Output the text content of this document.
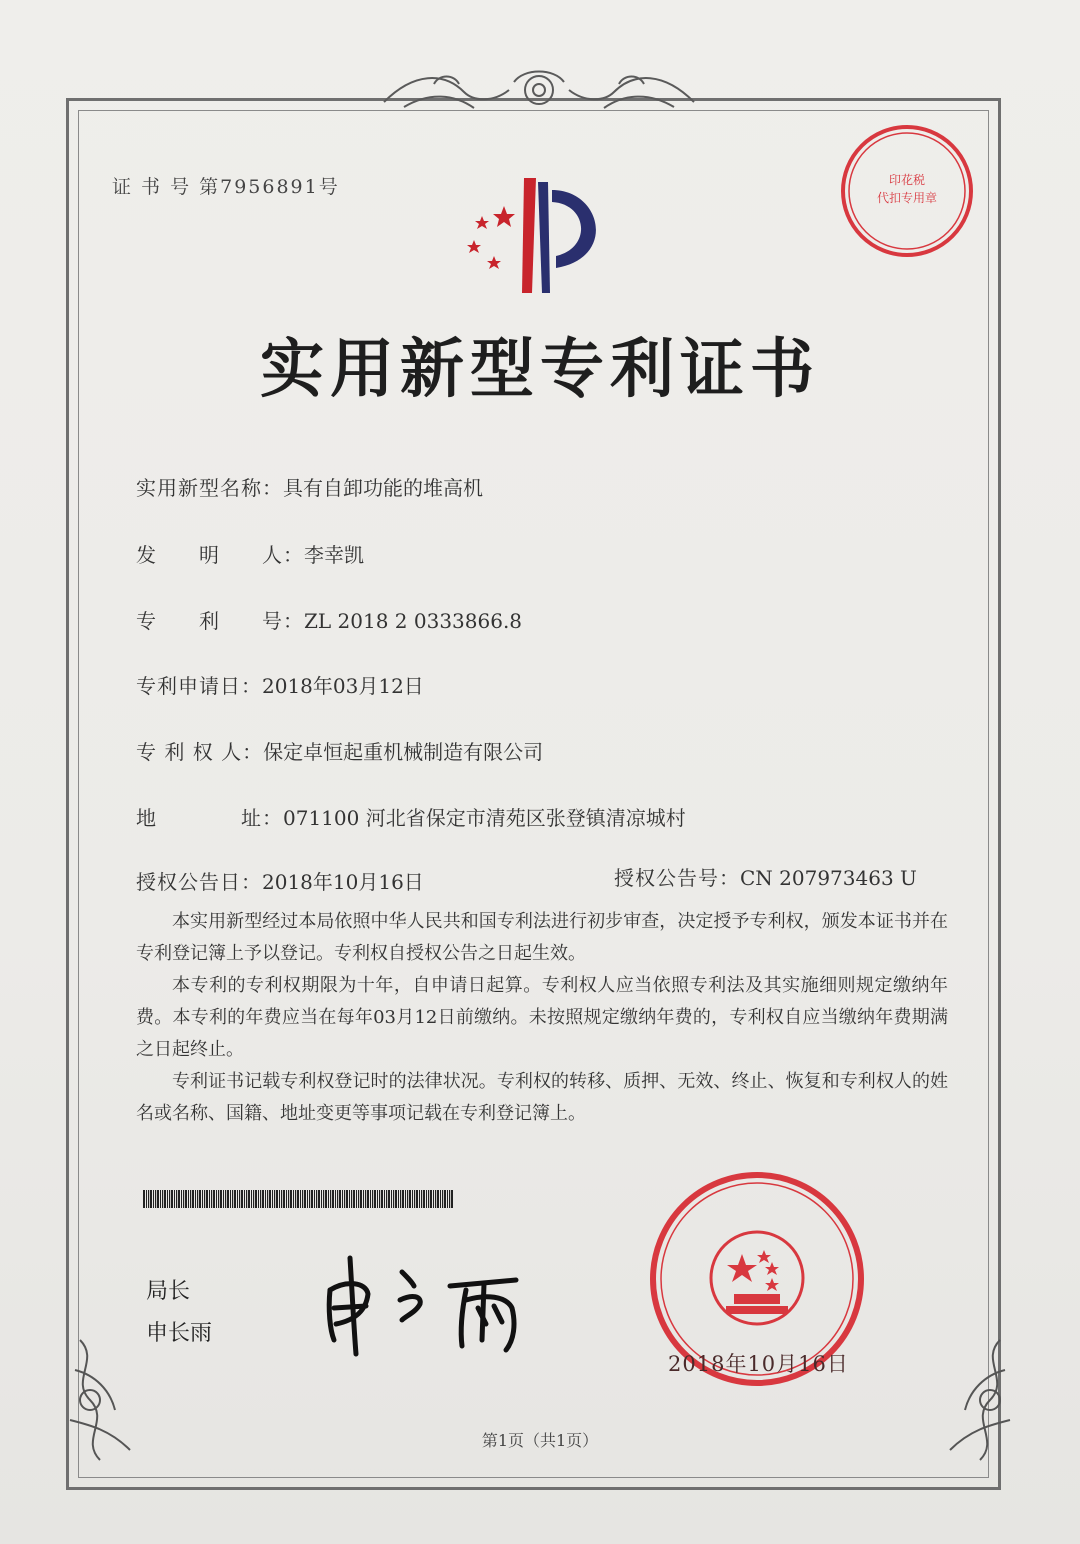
证 书 号 第7956891号	印花税
代扣专用章
实用新型专利证书
实用新型名称：具有自卸功能的堆高机
发　　明　　人：李幸凯
专　　利　　号：ZL 2018 2 0333866.8
专利申请日：2018年03月12日
专 利 权 人：保定卓恒起重机械制造有限公司
地　　　　址：071100 河北省保定市清苑区张登镇清凉城村
授权公告日：2018年10月16日	授权公告号：CN 207973463 U

本实用新型经过本局依照中华人民共和国专利法进行初步审查，决定授予专利权，颁发本证书并在专利登记簿上予以登记。专利权自授权公告之日起生效。

本专利的专利权期限为十年，自申请日起算。专利权人应当依照专利法及其实施细则规定缴纳年费。本专利的年费应当在每年03月12日前缴纳。未按照规定缴纳年费的，专利权自应当缴纳年费期满之日起终止。

专利证书记载专利权登记时的法律状况。专利权的转移、质押、无效、终止、恢复和专利权人的姓名或名称、国籍、地址变更等事项记载在专利登记簿上。

局长
申长雨
2018年10月16日
第1页（共1页）
